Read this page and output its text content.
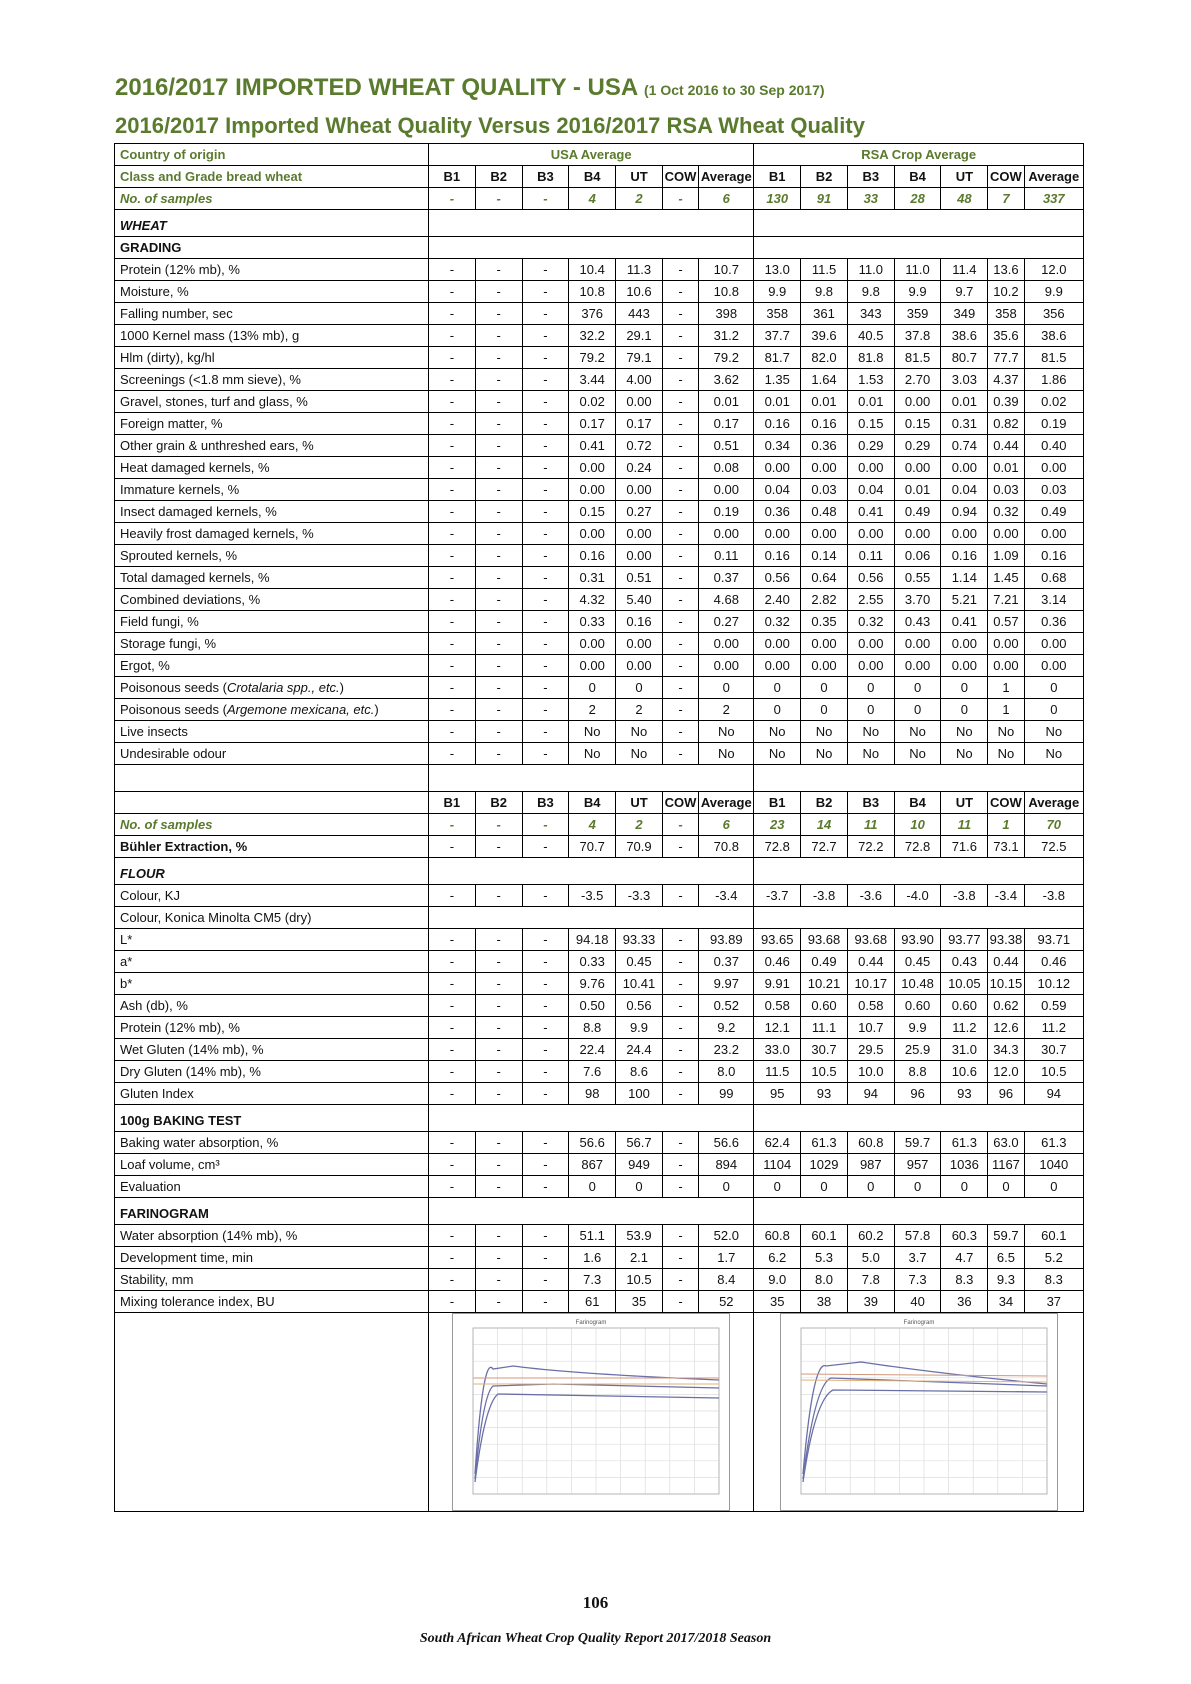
2016/2017 IMPORTED WHEAT QUALITY - USA (1 Oct 2016 to 30 Sep 2017)
2016/2017 Imported Wheat Quality Versus 2016/2017 RSA Wheat Quality
Country of origin	USA Average							RSA Crop Average						
Class and Grade bread wheat	B1	B2	B3	B4	UT	COW	Average	B1	B2	B3	B4	UT	COW	Average
No. of samples	-	-	-	4	2	-	6	130	91	33	28	48	7	337
WHEAT														
GRADING														
Protein (12% mb), %	-	-	-	10.4	11.3	-	10.7	13.0	11.5	11.0	11.0	11.4	13.6	12.0
Moisture, %	-	-	-	10.8	10.6	-	10.8	9.9	9.8	9.8	9.9	9.7	10.2	9.9
Falling number, sec	-	-	-	376	443	-	398	358	361	343	359	349	358	356
1000 Kernel mass (13% mb), g	-	-	-	32.2	29.1	-	31.2	37.7	39.6	40.5	37.8	38.6	35.6	38.6
Hlm (dirty), kg/hl	-	-	-	79.2	79.1	-	79.2	81.7	82.0	81.8	81.5	80.7	77.7	81.5
Screenings (<1.8 mm sieve), %	-	-	-	3.44	4.00	-	3.62	1.35	1.64	1.53	2.70	3.03	4.37	1.86
Gravel, stones, turf and glass, %	-	-	-	0.02	0.00	-	0.01	0.01	0.01	0.01	0.00	0.01	0.39	0.02
Foreign matter, %	-	-	-	0.17	0.17	-	0.17	0.16	0.16	0.15	0.15	0.31	0.82	0.19
Other grain & unthreshed ears, %	-	-	-	0.41	0.72	-	0.51	0.34	0.36	0.29	0.29	0.74	0.44	0.40
Heat damaged kernels, %	-	-	-	0.00	0.24	-	0.08	0.00	0.00	0.00	0.00	0.00	0.01	0.00
Immature kernels, %	-	-	-	0.00	0.00	-	0.00	0.04	0.03	0.04	0.01	0.04	0.03	0.03
Insect damaged kernels, %	-	-	-	0.15	0.27	-	0.19	0.36	0.48	0.41	0.49	0.94	0.32	0.49
Heavily frost damaged kernels, %	-	-	-	0.00	0.00	-	0.00	0.00	0.00	0.00	0.00	0.00	0.00	0.00
Sprouted kernels, %	-	-	-	0.16	0.00	-	0.11	0.16	0.14	0.11	0.06	0.16	1.09	0.16
Total damaged kernels, %	-	-	-	0.31	0.51	-	0.37	0.56	0.64	0.56	0.55	1.14	1.45	0.68
Combined deviations, %	-	-	-	4.32	5.40	-	4.68	2.40	2.82	2.55	3.70	5.21	7.21	3.14
Field fungi, %	-	-	-	0.33	0.16	-	0.27	0.32	0.35	0.32	0.43	0.41	0.57	0.36
Storage fungi, %	-	-	-	0.00	0.00	-	0.00	0.00	0.00	0.00	0.00	0.00	0.00	0.00
Ergot, %	-	-	-	0.00	0.00	-	0.00	0.00	0.00	0.00	0.00	0.00	0.00	0.00
Poisonous seeds (Crotalaria spp., etc.)	-	-	-	0	0	-	0	0	0	0	0	0	1	0
Poisonous seeds (Argemone mexicana, etc.)	-	-	-	2	2	-	2	0	0	0	0	0	1	0
Live insects	-	-	-	No	No	-	No	No	No	No	No	No	No	No
Undesirable odour	-	-	-	No	No	-	No	No	No	No	No	No	No	No

	B1	B2	B3	B4	UT	COW	Average	B1	B2	B3	B4	UT	COW	Average
No. of samples	-	-	-	4	2	-	6	23	14	11	10	11	1	70
Bühler Extraction, %	-	-	-	70.7	70.9	-	70.8	72.8	72.7	72.2	72.8	71.6	73.1	72.5
FLOUR														
Colour, KJ	-	-	-	-3.5	-3.3	-	-3.4	-3.7	-3.8	-3.6	-4.0	-3.8	-3.4	-3.8
Colour, Konica Minolta CM5 (dry)														
L*	-	-	-	94.18	93.33	-	93.89	93.65	93.68	93.68	93.90	93.77	93.38	93.71
a*	-	-	-	0.33	0.45	-	0.37	0.46	0.49	0.44	0.45	0.43	0.44	0.46
b*	-	-	-	9.76	10.41	-	9.97	9.91	10.21	10.17	10.48	10.05	10.15	10.12
Ash (db), %	-	-	-	0.50	0.56	-	0.52	0.58	0.60	0.58	0.60	0.60	0.62	0.59
Protein (12% mb), %	-	-	-	8.8	9.9	-	9.2	12.1	11.1	10.7	9.9	11.2	12.6	11.2
Wet Gluten (14% mb), %	-	-	-	22.4	24.4	-	23.2	33.0	30.7	29.5	25.9	31.0	34.3	30.7
Dry Gluten (14% mb), %	-	-	-	7.6	8.6	-	8.0	11.5	10.5	10.0	8.8	10.6	12.0	10.5
Gluten Index	-	-	-	98	100	-	99	95	93	94	96	93	96	94
100g BAKING TEST														
Baking water absorption, %	-	-	-	56.6	56.7	-	56.6	62.4	61.3	60.8	59.7	61.3	63.0	61.3
Loaf volume, cm³	-	-	-	867	949	-	894	1104	1029	987	957	1036	1167	1040
Evaluation	-	-	-	0	0	-	0	0	0	0	0	0	0	0
FARINOGRAM														
Water absorption (14% mb), %	-	-	-	51.1	53.9	-	52.0	60.8	60.1	60.2	57.8	60.3	59.7	60.1
Development time, min	-	-	-	1.6	2.1	-	1.7	6.2	5.3	5.0	3.7	4.7	6.5	5.2
Stability, mm	-	-	-	7.3	10.5	-	8.4	9.0	8.0	7.8	7.3	8.3	9.3	8.3
Mixing tolerance index, BU	-	-	-	61	35	-	52	35	38	39	40	36	34	37

Farinogram							Farinogram						
106
South African Wheat Crop Quality Report 2017/2018 Season
